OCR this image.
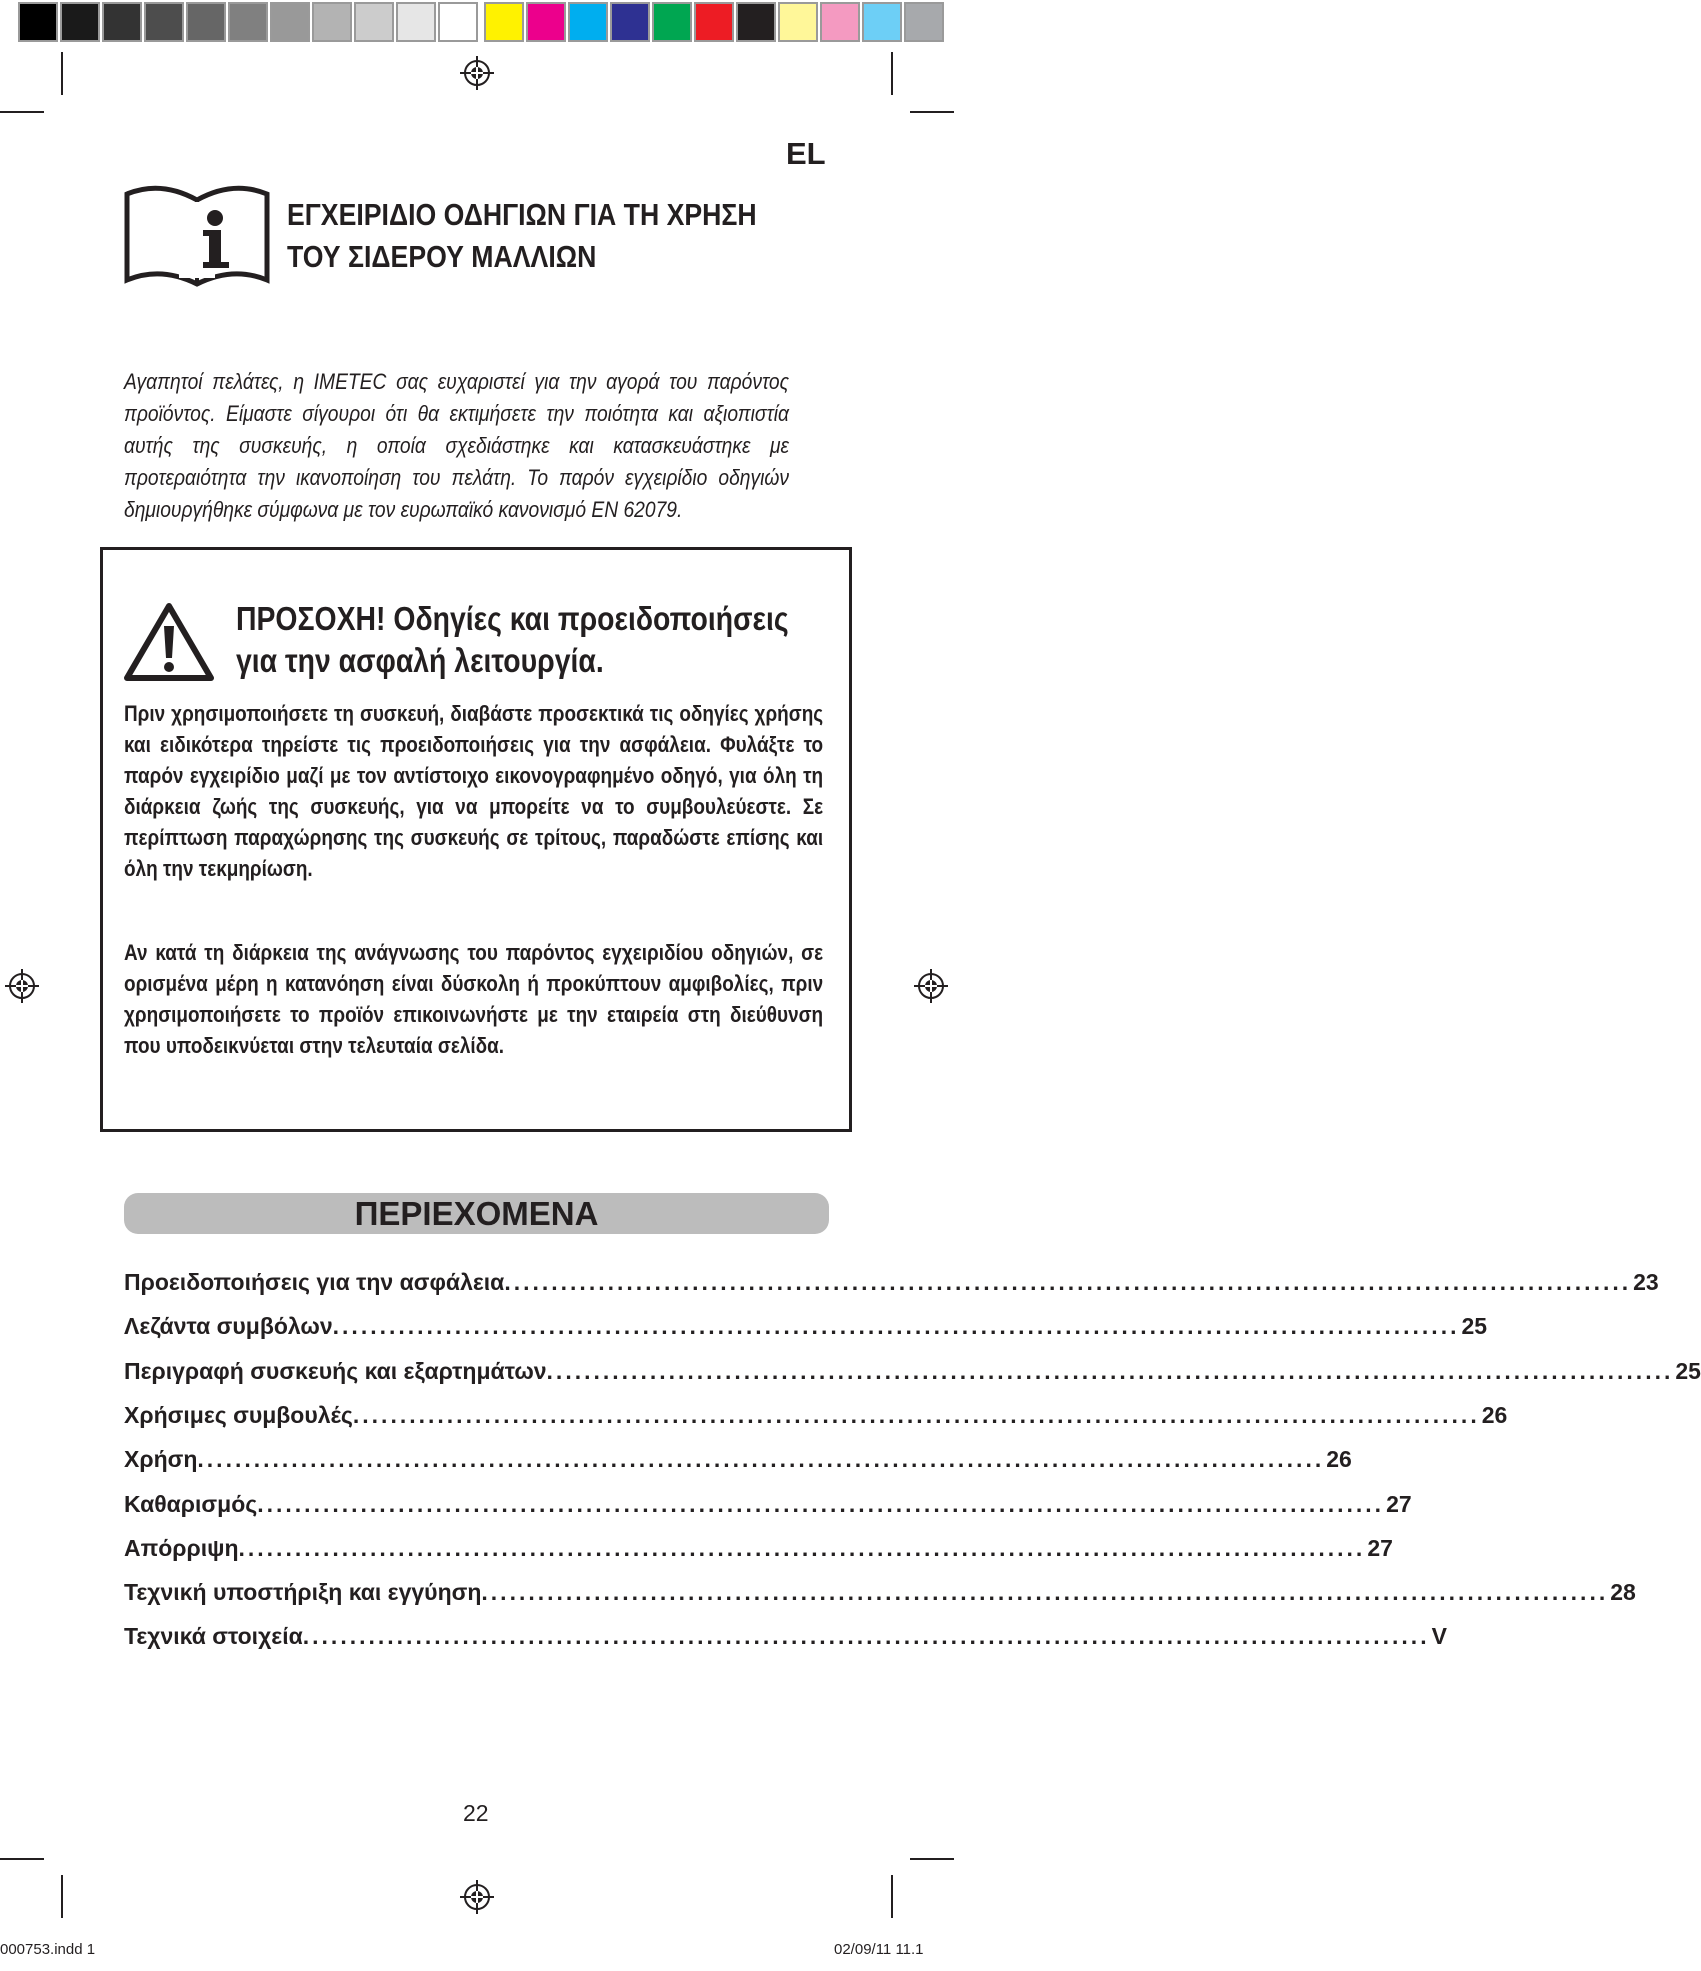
EL
ΕΓΧΕΙΡΙΔΙΟ ΟΔΗΓΙΩΝ ΓΙΑ ΤΗ ΧΡΗΣΗ
ΤΟΥ ΣΙΔΕΡΟΥ ΜΑΛΛΙΩΝ
Αγαπητοί πελάτες, η IMETEC σας ευχαριστεί για την αγορά του παρόντος προϊόντος. Είμαστε σίγουροι ότι θα εκτιμήσετε την ποιότητα και αξιοπιστία αυτής της συσκευής, η οποία σχεδιάστηκε και κατασκευάστηκε με προτεραιότητα την ικανοποίηση του πελάτη. Το παρόν εγχειρίδιο οδηγιών δημιουργήθηκε σύμφωνα με τον ευρωπαϊκό κανονισμό EN 62079.
ΠΡΟΣΟΧΗ! Οδηγίες και προειδοποιήσεις
για την ασφαλή λειτουργία.
Πριν χρησιμοποιήσετε τη συσκευή, διαβάστε προσεκτικά τις οδηγίες χρήσης και ειδικότερα τηρείστε τις προειδοποιήσεις για την ασφάλεια. Φυλάξτε το παρόν εγχειρίδιο μαζί με τον αντίστοιχο εικονογραφημένο οδηγό, για όλη τη διάρκεια ζωής της συσκευής, για να μπορείτε να το συμβουλεύεστε. Σε περίπτωση παραχώρησης της συσκευής σε τρίτους, παραδώστε επίσης και όλη την τεκμηρίωση.
Αν κατά τη διάρκεια της ανάγνωσης του παρόντος εγχειριδίου οδηγιών, σε ορισμένα μέρη η κατανόηση είναι δύσκολη ή προκύπτουν αμφιβολίες, πριν χρησιμοποιήσετε το προϊόν επικοινωνήστε με την εταιρεία στη διεύθυνση που υποδεικνύεται στην τελευταία σελίδα.
ΠΕΡΙΕΧΟΜΕΝΑ
Προειδοποιήσεις για την ασφάλεια ........................................................................................................................ 23
Λεζάντα συμβόλων ........................................................................................................................ 25
Περιγραφή συσκευής και εξαρτημάτων ........................................................................................................................ 25
Χρήσιμες συμβουλές ........................................................................................................................ 26
Χρήση ........................................................................................................................ 26
Καθαρισμός ........................................................................................................................ 27
Απόρριψη ........................................................................................................................ 27
Τεχνική υποστήριξη και εγγύηση ........................................................................................................................ 28
Τεχνικά στοιχεία ........................................................................................................................ V
22
000753.indd 1	02/09/11 11.1
